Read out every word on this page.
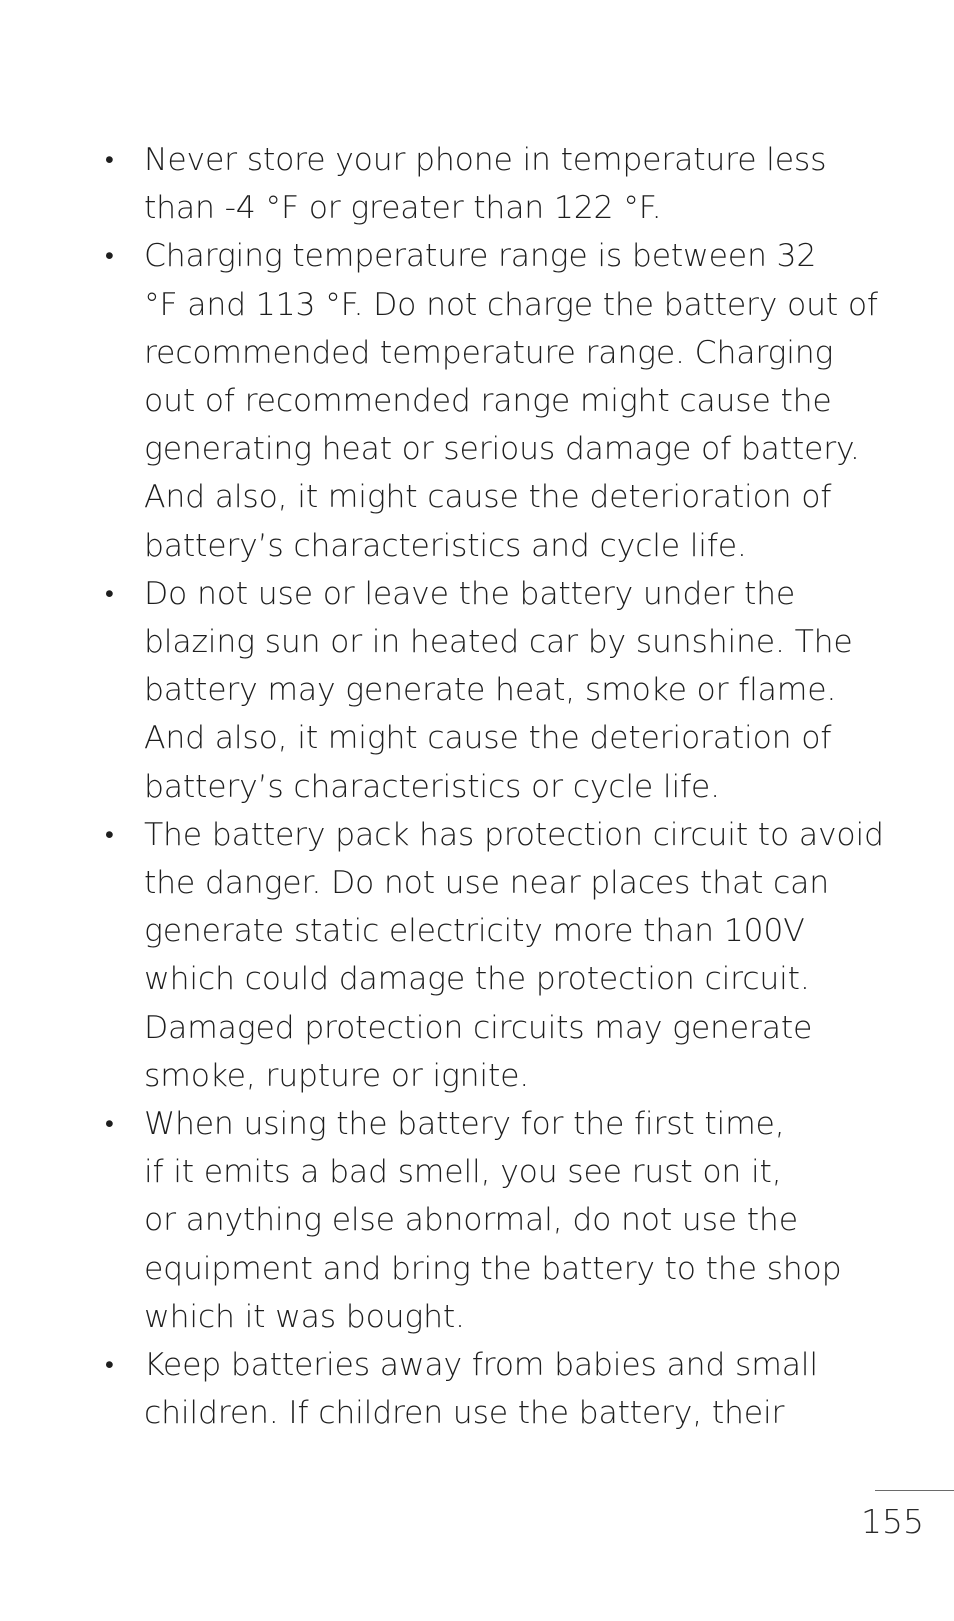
• Never store your phone in temperature less
than -4 °F or greater than 122 °F.
• Charging temperature range is between 32
°F and 113 °F. Do not charge the battery out of
recommended temperature range. Charging
out of recommended range might cause the
generating heat or serious damage of battery.
And also, it might cause the deterioration of
battery’s characteristics and cycle life.
• Do not use or leave the battery under the
blazing sun or in heated car by sunshine. The
battery may generate heat, smoke or flame.
And also, it might cause the deterioration of
battery’s characteristics or cycle life.
• The battery pack has protection circuit to avoid
the danger. Do not use near places that can
generate static electricity more than 100V
which could damage the protection circuit.
Damaged protection circuits may generate
smoke, rupture or ignite.
• When using the battery for the first time,
if it emits a bad smell, you see rust on it,
or anything else abnormal, do not use the
equipment and bring the battery to the shop
which it was bought.
• Keep batteries away from babies and small
children. If children use the battery, their
155
